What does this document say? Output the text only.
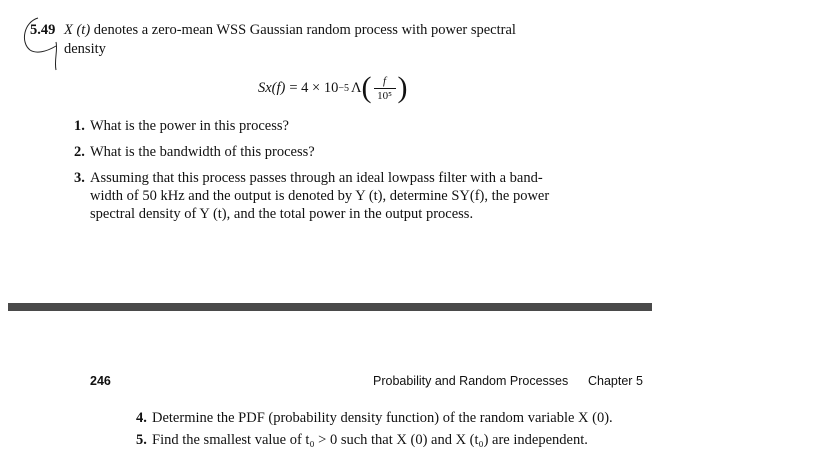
5.49 X (t) denotes a zero-mean WSS Gaussian random process with power spectral
density
Sx(f) = 4 × 10 −5 Λ ( $\frac{f}{\text{10⁵}}$ )
1. What is the power in this process?
2. What is the bandwidth of this process?
3. Assuming that this process passes through an ideal lowpass filter with a band-
width of 50 kHz and the output is denoted by Y (t), determine SY(f), the power
spectral density of Y (t), and the total power in the output process.
246	Probability and Random Processes Chapter 5
4. Determine the PDF (probability density function) of the random variable X (0).
5. Find the smallest value of t₀ > 0 such that X (0) and X (t₀) are independent.
